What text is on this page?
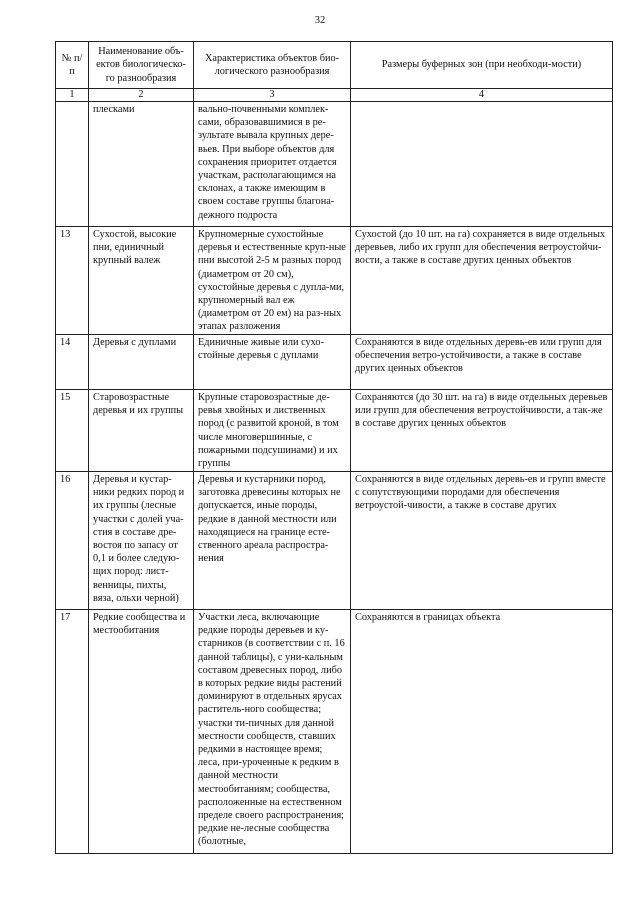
32
№ п/п	Наименование объ-ектов биологическо-го разнообразия	Характеристика объектов био-логического разнообразия	Размеры буферных зон (при необходи-мости)
1	2	3	4
	плесками	вально-почвенными комплек-сами, образовавшимися в ре-зультате вывала крупных дере-вьев. При выборе объектов для сохранения приоритет отдается участкам, располагающимся на склонах, а также имеющим в своем составе группы благона-дежного подроста	
13	Сухостой, высокие пни, единичный крупный валеж	Крупномерные сухостойные деревья и естественные круп-ные пни высотой 2-5 м разных пород (диаметром от 20 см), сухостойные деревья с дупла-ми, крупномерный вал еж (диаметром от 20 ем) на раз-ных этапах разложения	Сухостой (до 10 шт. на га) сохраняется в виде отдельных деревьев, либо их групп для обеспечения ветроустойчи-вости, а также в составе других ценных объектов
14	Деревья с дуплами	Единичные живые или сухо-стойные деревья с дуплами	Сохраняются в виде отдельных деревь-ев или групп для обеспечения ветро-устойчивости, а также в составе других ценных объектов
15	Старовозрастные деревья и их группы	Крупные старовозрастные де-ревья хвойных и лиственных пород (с развитой кроной, в том числе многовершинные, с пожарными подсушинами) и их группы	Сохраняются (до 30 шт. на га) в виде отдельных деревьев или групп для обеспечения ветроустойчивости, а так-же в составе других ценных объектов
16	Деревья и кустар-ники редких пород и их группы (лесные участки с долей уча-стия в составе дре-востоя по запасу от 0,1 и более следую-щих пород: лист-венницы, пихты, вяза, ольхи черной)	Деревья и кустарники пород, заготовка древесины которых не допускается, иные породы, редкие в данной местности или находящиеся на границе есте-ственного ареала распростра-нения	Сохраняются в виде отдельных деревь-ев и групп вместе с сопутствующими породами для обеспечения ветроустой-чивости, а также в составе других
17	Редкие сообщества и местообитания	Участки леса, включающие редкие породы деревьев и ку-старников (в соответствии с п. 16 данной таблицы), с уни-кальным составом древесных пород, либо в которых редкие виды растений доминируют в отдельных ярусах раститель-ного сообщества; участки ти-пичных для данной местности сообществ, ставших редкими в настоящее время; леса, при-уроченные к редким в данной местности местообитаниям; сообщества, расположенные на естественном пределе своего распространения; редкие не-лесные сообщества (болотные,	Сохраняются в границах объекта
